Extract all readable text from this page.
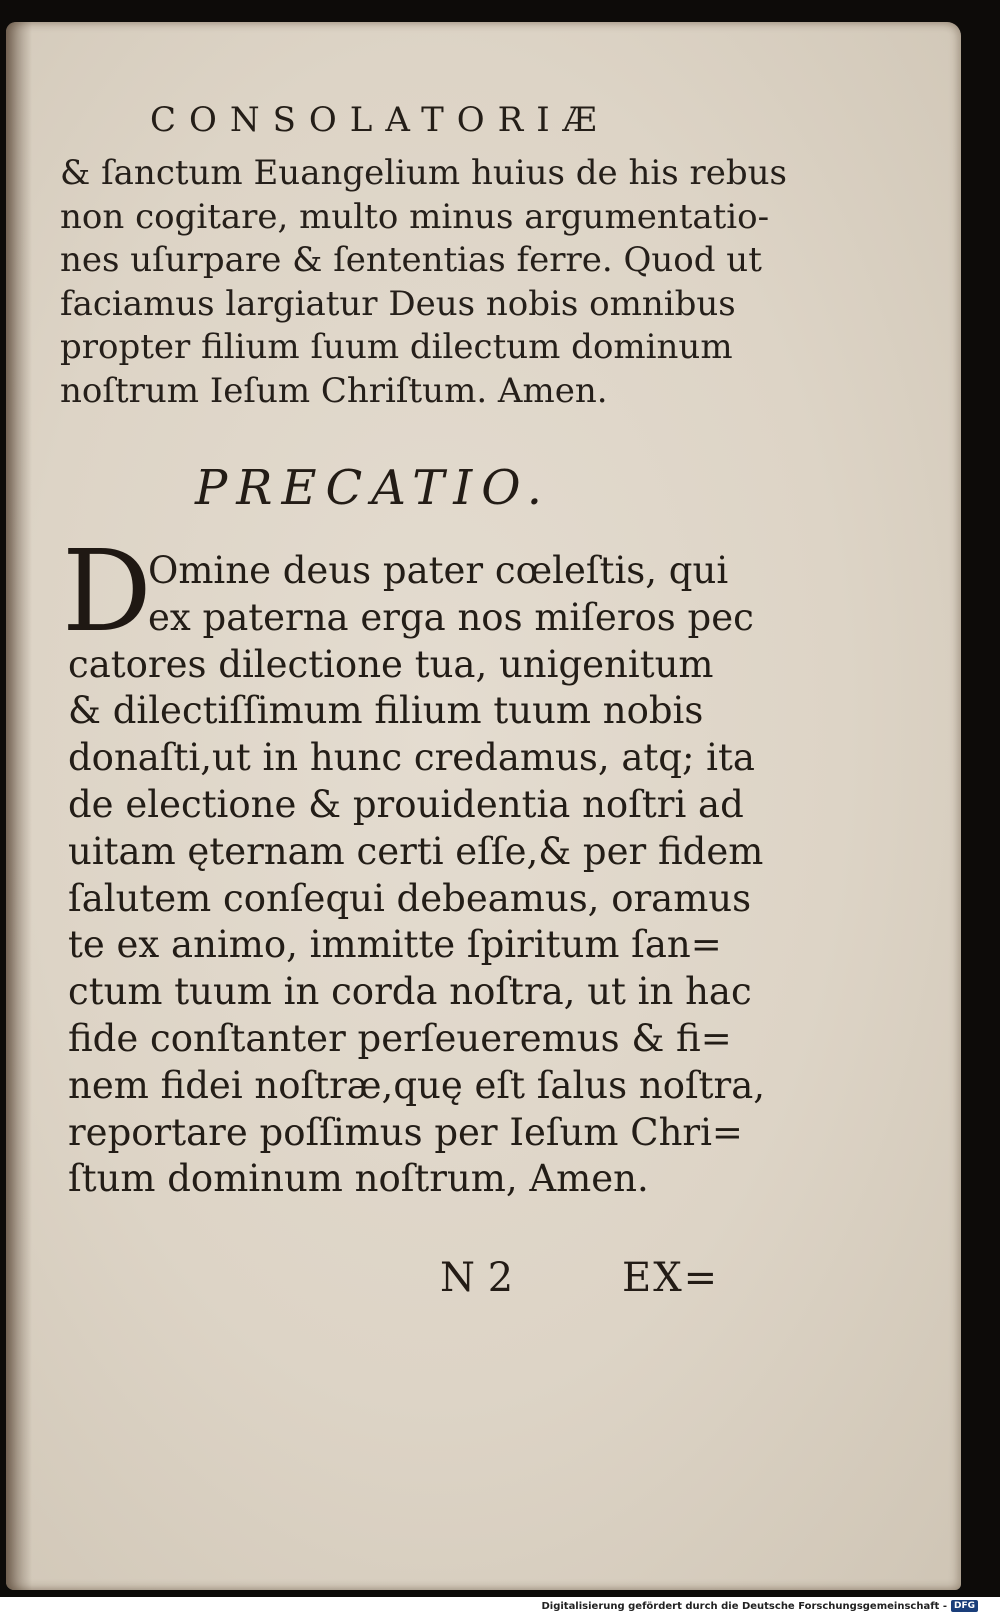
CONSOLATORIÆ
& ſanctum Euangelium huius de his rebus
non cogitare, multo minus argumentatio-
nes uſurpare & ſententias ferre. Quod ut
faciamus largiatur Deus nobis omnibus
propter filium ſuum dilectum dominum
noſtrum Ieſum Chriſtum. Amen.
PRECATIO.
D
Omine deus pater cœleſtis, qui
ex paterna erga nos miſeros pec
catores dilectione tua, unigenitum
& dilectiſſimum filium tuum nobis
donaſti,ut in hunc credamus, atq; ita
de electione & prouidentia noſtri ad
uitam ęternam certi eſſe,& per fidem
ſalutem conſequi debeamus, oramus
te ex animo, immitte ſpiritum ſan=
ctum tuum in corda noſtra, ut in hac
fide conſtanter perſeueremus & fi=
nem fidei noſtræ,quę eſt ſalus noſtra,
reportare poſſimus per Ieſum Chri=
ſtum dominum noſtrum, Amen.
N 2	EX=
Digitalisierung gefördert durch die Deutsche Forschungsgemeinschaft - DFG
